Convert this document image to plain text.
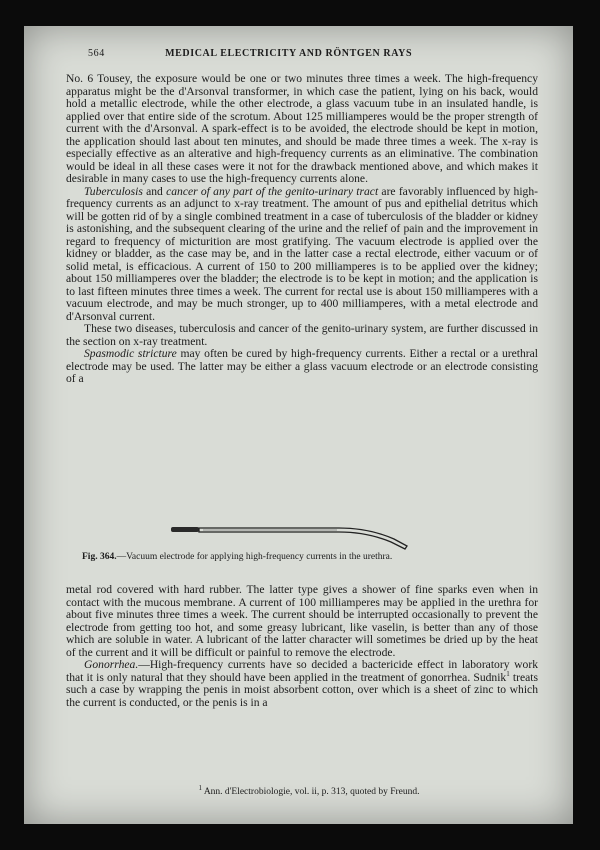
564	MEDICAL ELECTRICITY AND RÖNTGEN RAYS

No. 6 Tousey, the exposure would be one or two minutes three times a week. The high-frequency apparatus might be the d'Arsonval transformer, in which case the patient, lying on his back, would hold a metallic electrode, while the other electrode, a glass vacuum tube in an insulated handle, is applied over that entire side of the scrotum. About 125 milliamperes would be the proper strength of current with the d'Arsonval. A spark-effect is to be avoided, the electrode should be kept in motion, the application should last about ten minutes, and should be made three times a week. The x-ray is especially effective as an alterative and high-frequency currents as an eliminative. The combination would be ideal in all these cases were it not for the drawback mentioned above, and which makes it desirable in many cases to use the high-frequency currents alone.

Tuberculosis and cancer of any part of the genito-urinary tract are favorably influenced by high-frequency currents as an adjunct to x-ray treatment. The amount of pus and epithelial detritus which will be gotten rid of by a single combined treatment in a case of tuberculosis of the bladder or kidney is astonishing, and the subsequent clearing of the urine and the relief of pain and the improvement in regard to frequency of micturition are most gratifying. The vacuum electrode is applied over the kidney or bladder, as the case may be, and in the latter case a rectal electrode, either vacuum or of solid metal, is efficacious. A current of 150 to 200 milliamperes is to be applied over the kidney; about 150 milliamperes over the bladder; the electrode is to be kept in motion; and the application is to last fifteen minutes three times a week. The current for rectal use is about 150 milliamperes with a vacuum electrode, and may be much stronger, up to 400 milliamperes, with a metal electrode and d'Arsonval current.

These two diseases, tuberculosis and cancer of the genito-urinary system, are further discussed in the section on x-ray treatment.

Spasmodic stricture may often be cured by high-frequency currents. Either a rectal or a urethral electrode may be used. The latter may be either a glass vacuum electrode or an electrode consisting of a

Fig. 364.—Vacuum electrode for applying high-frequency currents in the urethra.

metal rod covered with hard rubber. The latter type gives a shower of fine sparks even when in contact with the mucous membrane. A current of 100 milliamperes may be applied in the urethra for about five minutes three times a week. The current should be interrupted occasionally to prevent the electrode from getting too hot, and some greasy lubricant, like vaselin, is better than any of those which are soluble in water. A lubricant of the latter character will sometimes be dried up by the heat of the current and it will be difficult or painful to remove the electrode.

Gonorrhea.—High-frequency currents have so decided a bactericide effect in laboratory work that it is only natural that they should have been applied in the treatment of gonorrhea. Sudnik$^1$ treats such a case by wrapping the penis in moist absorbent cotton, over which is a sheet of zinc to which the current is conducted, or the penis is in a

$^1$ Ann. d'Electrobiologie, vol. ii, p. 313, quoted by Freund.
